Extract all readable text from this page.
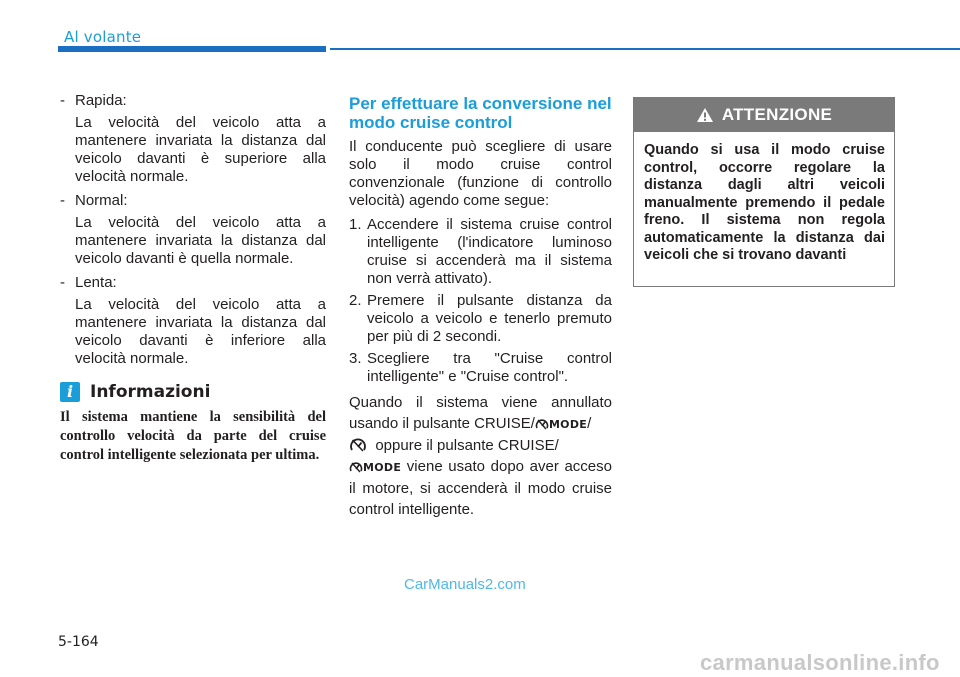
Al volante

- Rapida:

La velocità del veicolo atta a mantenere invariata la distanza dal veicolo davanti è superiore alla velocità normale.

- Normal:

La velocità del veicolo atta a mantenere invariata la distanza dal veicolo davanti è quella normale.

- Lenta:

La velocità del veicolo atta a mantenere invariata la distanza dal veicolo davanti è inferiore alla velocità normale.

i Informazioni

Il sistema mantiene la sensibilità del controllo velocità da parte del cruise control intelligente selezionata per ultima.

Per effettuare la conversione nel modo cruise control

Il conducente può scegliere di usare solo il modo cruise control convenzionale (funzione di controllo velocità) agendo come segue:

1. Accendere il sistema cruise control intelligente (l'indicatore luminoso cruise si accenderà ma il sistema non verrà attivato).
2. Premere il pulsante distanza da veicolo a veicolo e tenerlo premuto per più di 2 secondi.
3. Scegliere tra "Cruise control intelligente" e "Cruise control".

Quando il sistema viene annullato usando il pulsante CRUISE/ MODE/
oppure il pulsante CRUISE/
MODE viene usato dopo aver acceso il motore, si accenderà il modo cruise control intelligente.

ATTENZIONE
Quando si usa il modo cruise control, occorre regolare la distanza dagli altri veicoli manualmente premendo il pedale freno. Il sistema non regola automaticamente la distanza dai veicoli che si trovano davanti
CarManuals2.com
5-164
carmanualsonline.info
